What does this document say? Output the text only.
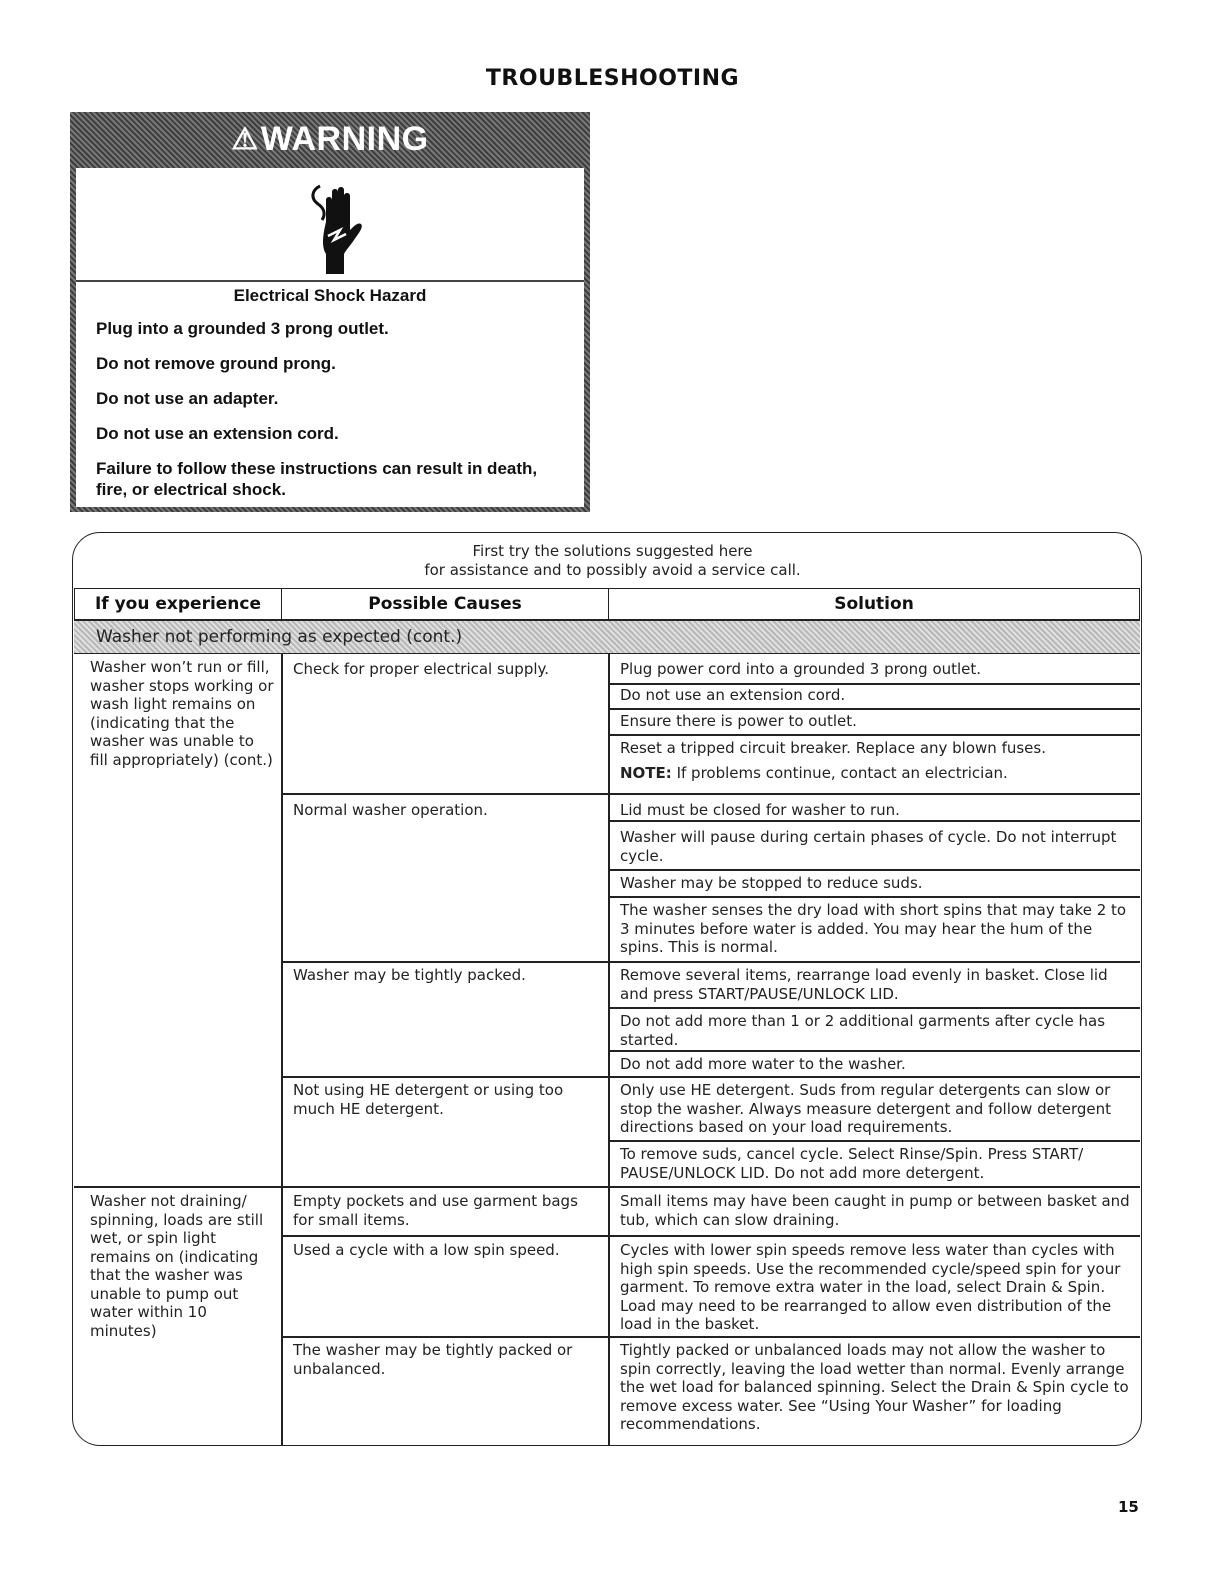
TROUBLESHOOTING
⚠ WARNING
Electrical Shock Hazard
Plug into a grounded 3 prong outlet.
Do not remove ground prong.
Do not use an adapter.
Do not use an extension cord.
Failure to follow these instructions can result in death, fire, or electrical shock.
First try the solutions suggested here
for assistance and to possibly avoid a service call.
If you experience	Possible Causes	Solution
Washer not performing as expected (cont.)
Washer won’t run or fill, washer stops working or wash light remains on (indicating that the washer was unable to fill appropriately) (cont.)
Washer not draining/ spinning, loads are still wet, or spin light remains on (indicating that the washer was unable to pump out water within 10 minutes)
Check for proper electrical supply.
Normal washer operation.
Washer may be tightly packed.
Not using HE detergent or using too much HE detergent.
Empty pockets and use garment bags for small items.
Used a cycle with a low spin speed.
The washer may be tightly packed or unbalanced.
Plug power cord into a grounded 3 prong outlet.
Do not use an extension cord.
Ensure there is power to outlet.
Reset a tripped circuit breaker. Replace any blown fuses.
NOTE: If problems continue, contact an electrician.
Lid must be closed for washer to run.
Washer will pause during certain phases of cycle. Do not interrupt cycle.
Washer may be stopped to reduce suds.
The washer senses the dry load with short spins that may take 2 to 3 minutes before water is added. You may hear the hum of the spins. This is normal.
Remove several items, rearrange load evenly in basket. Close lid and press START/PAUSE/UNLOCK LID.
Do not add more than 1 or 2 additional garments after cycle has started.
Do not add more water to the washer.
Only use HE detergent. Suds from regular detergents can slow or stop the washer. Always measure detergent and follow detergent directions based on your load requirements.
To remove suds, cancel cycle. Select Rinse/Spin. Press START/ PAUSE/UNLOCK LID. Do not add more detergent.
Small items may have been caught in pump or between basket and tub, which can slow draining.
Cycles with lower spin speeds remove less water than cycles with high spin speeds. Use the recommended cycle/speed spin for your garment. To remove extra water in the load, select Drain & Spin. Load may need to be rearranged to allow even distribution of the load in the basket.
Tightly packed or unbalanced loads may not allow the washer to spin correctly, leaving the load wetter than normal. Evenly arrange the wet load for balanced spinning. Select the Drain & Spin cycle to remove excess water. See “Using Your Washer” for loading recommendations.
15
